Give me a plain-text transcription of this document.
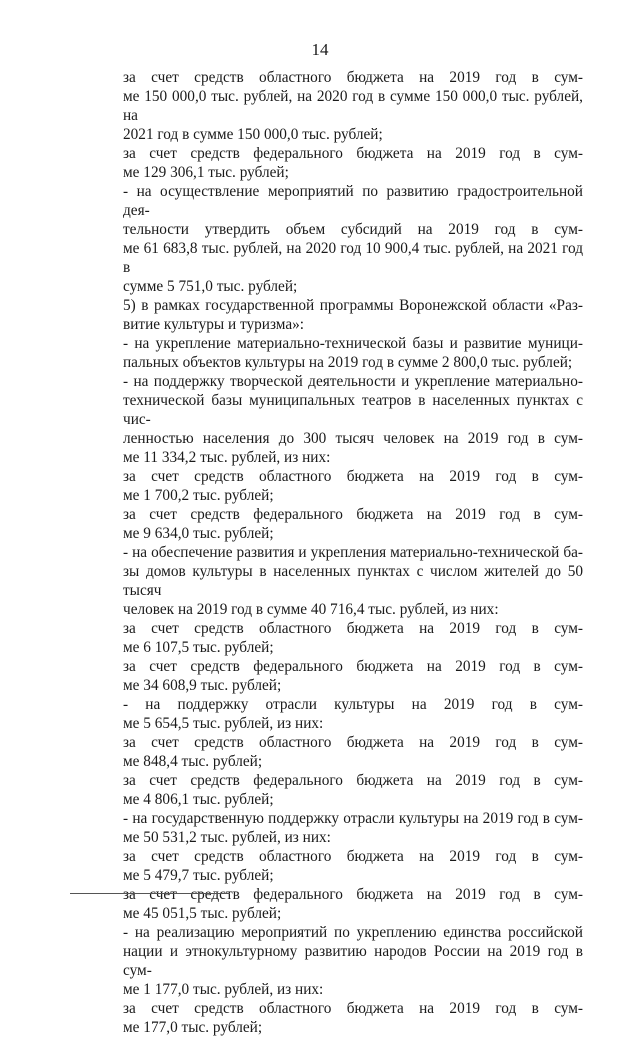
14
за счет средств областного бюджета на 2019 год в сум-
ме 150 000,0 тыс. рублей, на 2020 год в сумме 150 000,0 тыс. рублей, на
2021 год в сумме 150 000,0 тыс. рублей;
за счет средств федерального бюджета на 2019 год в сум-
ме 129 306,1 тыс. рублей;
- на осуществление мероприятий по развитию градостроительной дея-
тельности утвердить объем субсидий на 2019 год в сум-
ме 61 683,8 тыс. рублей, на 2020 год 10 900,4 тыс. рублей, на 2021 год в
сумме 5 751,0 тыс. рублей;
5) в рамках государственной программы Воронежской области «Раз-
витие культуры и туризма»:
- на укрепление материально-технической базы и развитие муници-
пальных объектов культуры на 2019 год в сумме 2 800,0 тыс. рублей;
- на поддержку творческой деятельности и укрепление материально-
технической базы муниципальных театров в населенных пунктах с чис-
ленностью населения до 300 тысяч человек на 2019 год в сум-
ме 11 334,2 тыс. рублей, из них:
за счет средств областного бюджета на 2019 год в сум-
ме 1 700,2 тыс. рублей;
за счет средств федерального бюджета на 2019 год в сум-
ме 9 634,0 тыс. рублей;
- на обеспечение развития и укрепления материально-технической ба-
зы домов культуры в населенных пунктах с числом жителей до 50 тысяч
человек на 2019 год в сумме 40 716,4 тыс. рублей, из них:
за счет средств областного бюджета на 2019 год в сум-
ме 6 107,5 тыс. рублей;
за счет средств федерального бюджета на 2019 год в сум-
ме 34 608,9 тыс. рублей;
- на поддержку отрасли культуры на 2019 год в сум-
ме 5 654,5 тыс. рублей, из них:
за счет средств областного бюджета на 2019 год в сум-
ме 848,4 тыс. рублей;
за счет средств федерального бюджета на 2019 год в сум-
ме 4 806,1 тыс. рублей;
- на государственную поддержку отрасли культуры на 2019 год в сум-
ме 50 531,2 тыс. рублей, из них:
за счет средств областного бюджета на 2019 год в сум-
ме 5 479,7 тыс. рублей;
за счет средств федерального бюджета на 2019 год в сум-
ме 45 051,5 тыс. рублей;
- на реализацию мероприятий по укреплению единства российской
нации и этнокультурному развитию народов России на 2019 год в сум-
ме 1 177,0 тыс. рублей, из них:
за счет средств областного бюджета на 2019 год в сум-
ме 177,0 тыс. рублей;
